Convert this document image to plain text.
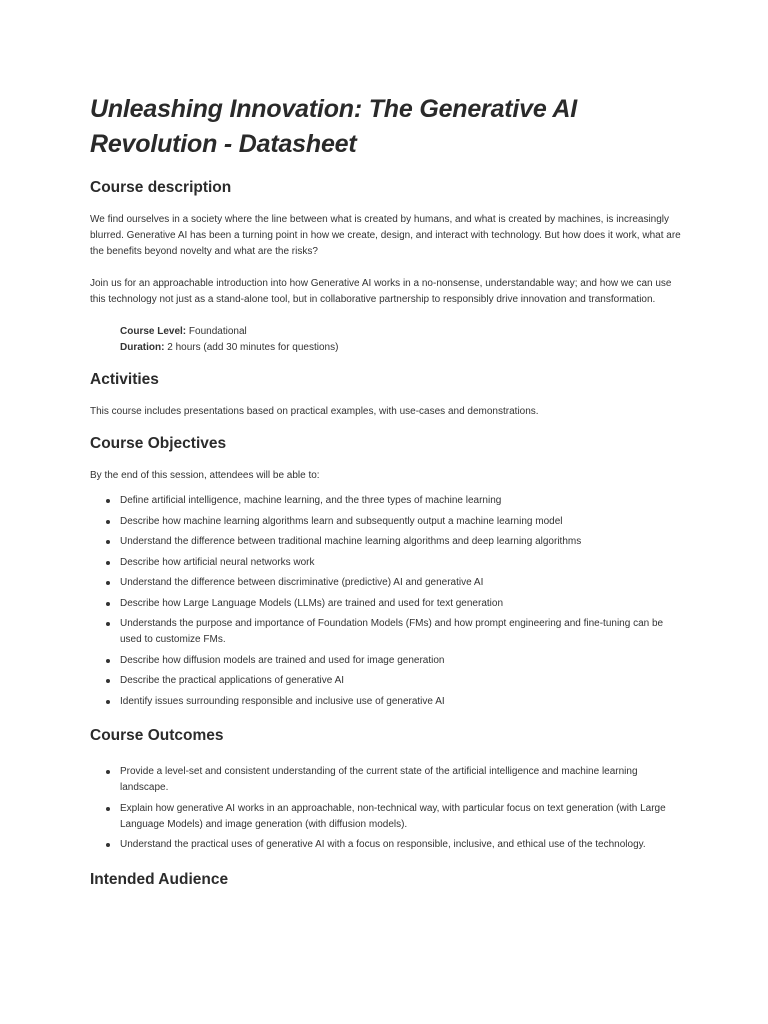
Unleashing Innovation: The Generative AI Revolution - Datasheet
Course description

We find ourselves in a society where the line between what is created by humans, and what is created by machines, is increasingly blurred. Generative AI has been a turning point in how we create, design, and interact with technology. But how does it work, what are the benefits beyond novelty and what are the risks?

Join us for an approachable introduction into how Generative AI works in a no-nonsense, understandable way; and how we can use this technology not just as a stand-alone tool, but in collaborative partnership to responsibly drive innovation and transformation.

Course Level: Foundational
Duration: 2 hours (add 30 minutes for questions)
Activities

This course includes presentations based on practical examples, with use-cases and demonstrations.

Course Objectives

By the end of this session, attendees will be able to:

Define artificial intelligence, machine learning, and the three types of machine learning
Describe how machine learning algorithms learn and subsequently output a machine learning model
Understand the difference between traditional machine learning algorithms and deep learning algorithms
Describe how artificial neural networks work
Understand the difference between discriminative (predictive) AI and generative AI
Describe how Large Language Models (LLMs) are trained and used for text generation
Understands the purpose and importance of Foundation Models (FMs) and how prompt engineering and fine-tuning can be used to customize FMs.
Describe how diffusion models are trained and used for image generation
Describe the practical applications of generative AI
Identify issues surrounding responsible and inclusive use of generative AI
Course Outcomes
Provide a level-set and consistent understanding of the current state of the artificial intelligence and machine learning landscape.
Explain how generative AI works in an approachable, non-technical way, with particular focus on text generation (with Large Language Models) and image generation (with diffusion models).
Understand the practical uses of generative AI with a focus on responsible, inclusive, and ethical use of the technology.
Intended Audience
